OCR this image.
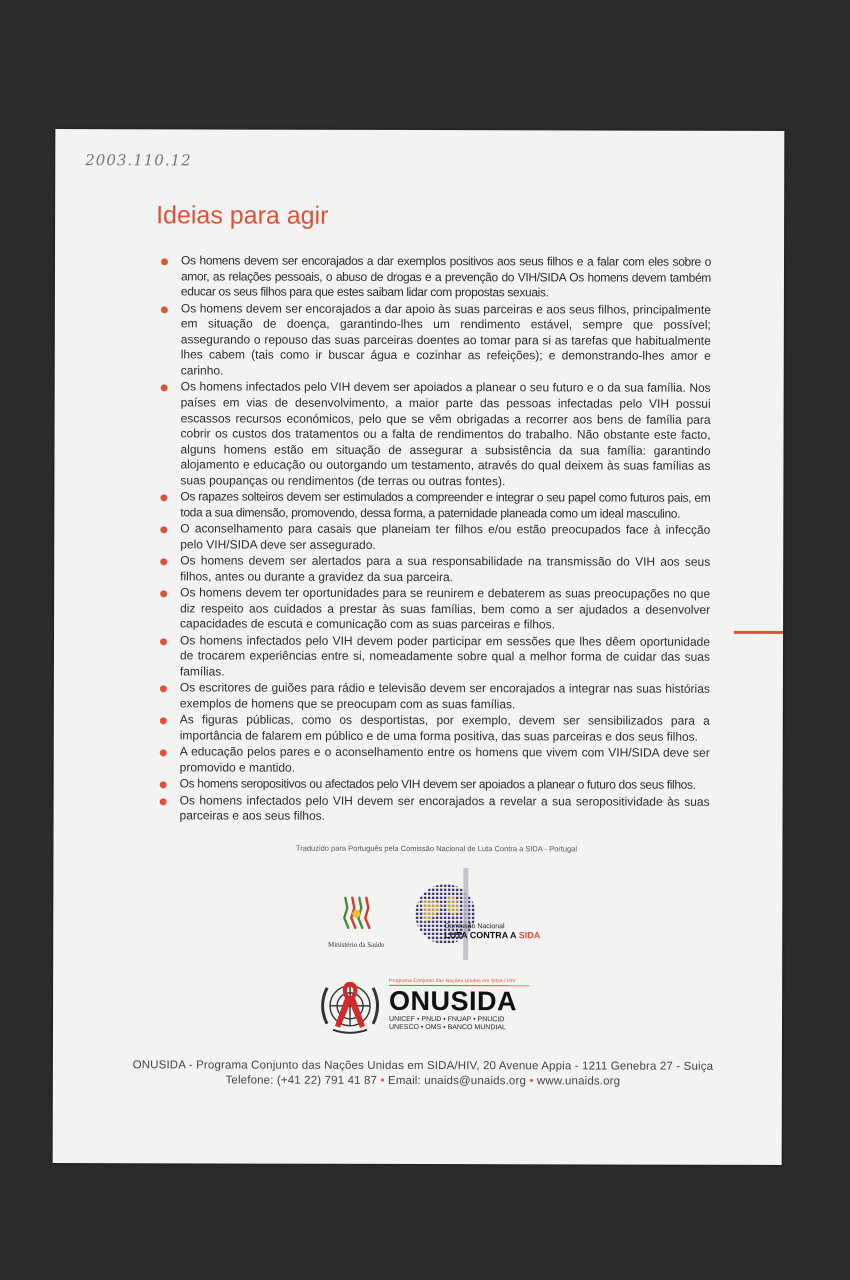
2003.110.12
Ideias para agir
Os homens devem ser encorajados a dar exemplos positivos aos seus filhos e a falar com eles sobre o amor, as relações pessoais, o abuso de drogas e a prevenção do VIH/SIDA Os homens devem também educar os seus filhos para que estes saibam lidar com propostas sexuais.
Os homens devem ser encorajados a dar apoio às suas parceiras e aos seus filhos, principalmente em situação de doença, garantindo-lhes um rendimento estável, sempre que possível; assegurando o repouso das suas parceiras doentes ao tomar para si as tarefas que habitualmente lhes cabem (tais como ir buscar água e cozinhar as refeições); e demonstrando-lhes amor e carinho.
Os homens infectados pelo VIH devem ser apoiados a planear o seu futuro e o da sua família. Nos países em vias de desenvolvimento, a maior parte das pessoas infectadas pelo VIH possui escassos recursos económicos, pelo que se vêm obrigadas a recorrer aos bens de família para cobrir os custos dos tratamentos ou a falta de rendimentos do trabalho. Não obstante este facto, alguns homens estão em situação de assegurar a subsistência da sua família: garantindo alojamento e educação ou outorgando um testamento, através do qual deixem às suas famílias as suas poupanças ou rendimentos (de terras ou outras fontes).
Os rapazes solteiros devem ser estimulados a compreender e integrar o seu papel como futuros pais, em toda a sua dimensão, promovendo, dessa forma, a paternidade planeada como um ideal masculino.
O aconselhamento para casais que planeiam ter filhos e/ou estão preocupados face à infecção pelo VIH/SIDA deve ser assegurado.
Os homens devem ser alertados para a sua responsabilidade na transmissão do VIH aos seus filhos, antes ou durante a gravidez da sua parceira.
Os homens devem ter oportunidades para se reunirem e debaterem as suas preocupações no que diz respeito aos cuidados a prestar às suas famílias, bem como a ser ajudados a desenvolver capacidades de escuta e comunicação com as suas parceiras e filhos.
Os homens infectados pelo VIH devem poder participar em sessões que lhes dêem oportunidade de trocarem experiências entre si, nomeadamente sobre qual a melhor forma de cuidar das suas famílias.
Os escritores de guiões para rádio e televisão devem ser encorajados a integrar nas suas histórias exemplos de homens que se preocupam com as suas famílias.
As figuras públicas, como os desportistas, por exemplo, devem ser sensibilizados para a importância de falarem em público e de uma forma positiva, das suas parceiras e dos seus filhos.
A educação pelos pares e o aconselhamento entre os homens que vivem com VIH/SIDA deve ser promovido e mantido.
Os homens seropositivos ou afectados pelo VIH devem ser apoiados a planear o futuro dos seus filhos.
Os homens infectados pelo VIH devem ser encorajados a revelar a sua seropositividade às suas parceiras e aos seus filhos.
Traduzido para Português pela Comissão Nacional de Luta Contra a SIDA - Portugal
Ministério da Saúde
Comissão Nacional
LUTA CONTRA A SIDA
Programa Conjunto das Nações Unidas em SIDA / HIV
ONUSIDA
UNICEF • PNUD • FNUAP • PNUCID
UNESCO • OMS • BANCO MUNDIAL
ONUSIDA - Programa Conjunto das Nações Unidas em SIDA/HIV, 20 Avenue Appia - 1211 Genebra 27 - Suiça
Telefone: (+41 22) 791 41 87 • Email: unaids@unaids.org • www.unaids.org
